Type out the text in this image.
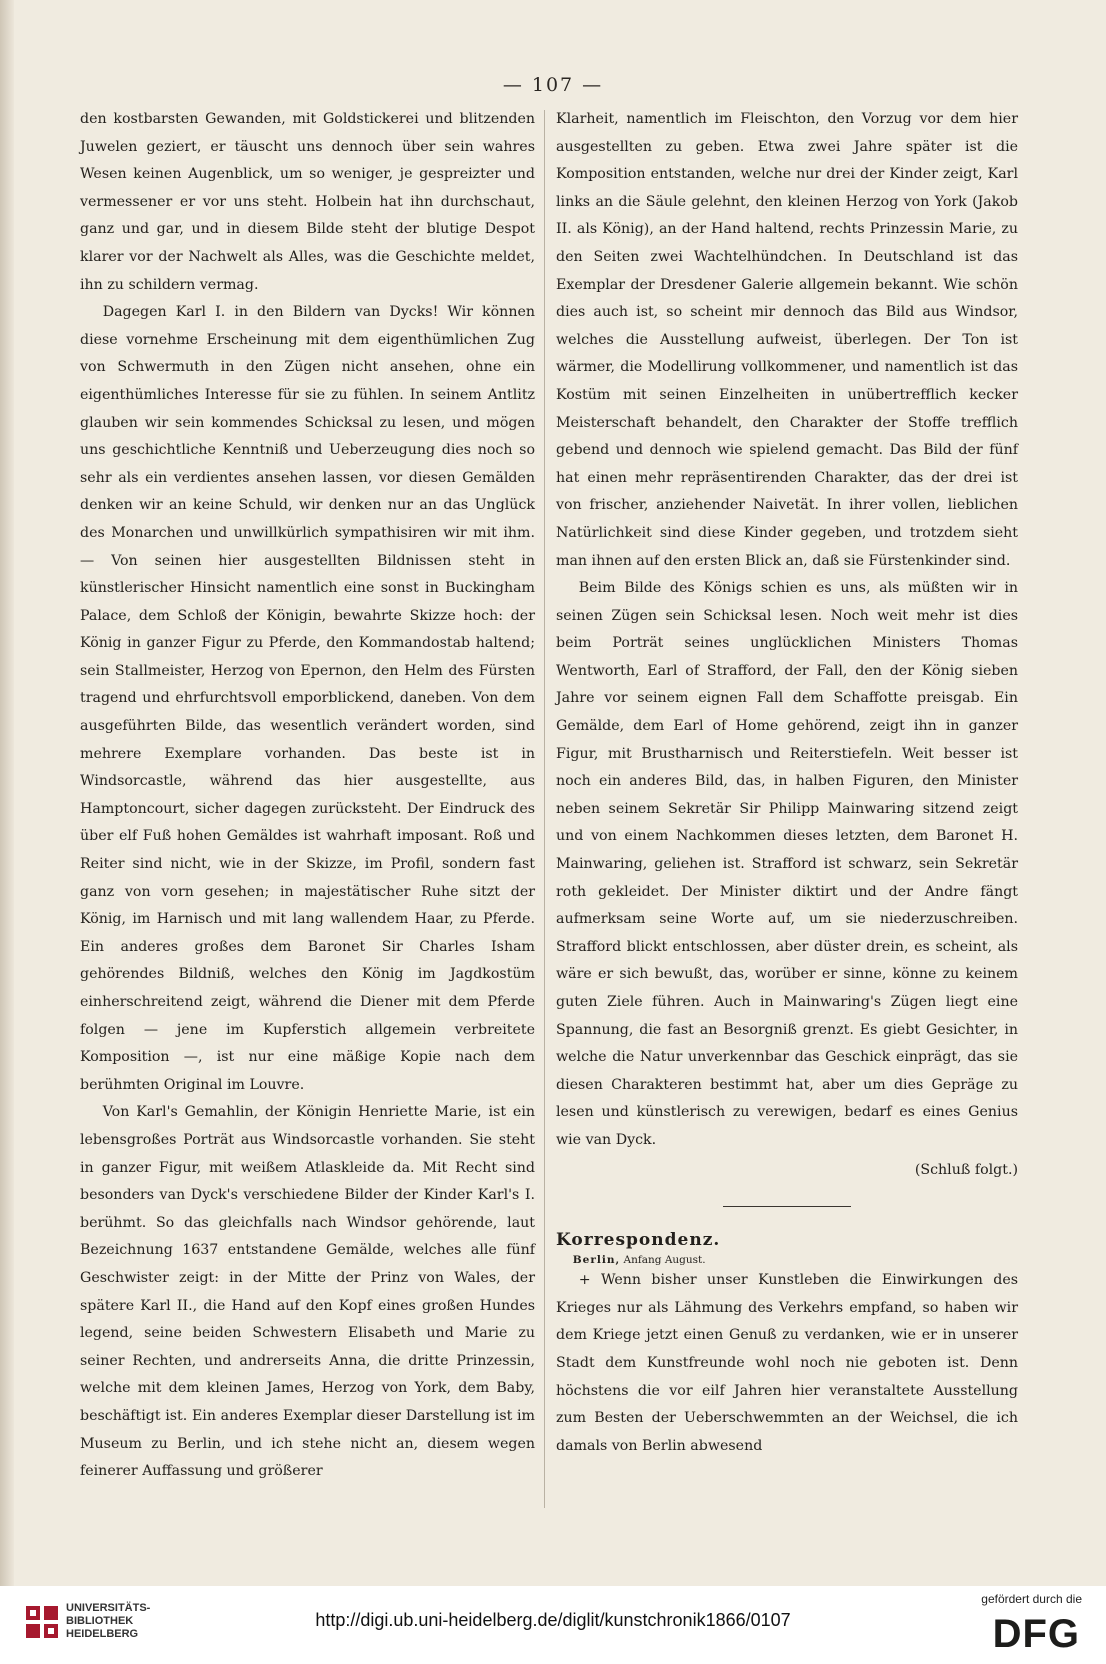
— 107 —

den kostbarsten Gewanden, mit Goldstickerei und blitzenden Juwelen geziert, er täuscht uns dennoch über sein wahres Wesen keinen Augenblick, um so weniger, je gespreizter und vermessener er vor uns steht. Holbein hat ihn durchschaut, ganz und gar, und in diesem Bilde steht der blutige Despot klarer vor der Nachwelt als Alles, was die Geschichte meldet, ihn zu schildern vermag.

Dagegen Karl I. in den Bildern van Dycks! Wir können diese vornehme Erscheinung mit dem eigenthümlichen Zug von Schwermuth in den Zügen nicht ansehen, ohne ein eigenthümliches Interesse für sie zu fühlen. In seinem Antlitz glauben wir sein kommendes Schicksal zu lesen, und mögen uns geschichtliche Kenntniß und Ueberzeugung dies noch so sehr als ein verdientes ansehen lassen, vor diesen Gemälden denken wir an keine Schuld, wir denken nur an das Unglück des Monarchen und unwillkürlich sympathisiren wir mit ihm. — Von seinen hier ausgestellten Bildnissen steht in künstlerischer Hinsicht namentlich eine sonst in Buckingham Palace, dem Schloß der Königin, bewahrte Skizze hoch: der König in ganzer Figur zu Pferde, den Kommandostab haltend; sein Stallmeister, Herzog von Epernon, den Helm des Fürsten tragend und ehrfurchtsvoll emporblickend, daneben. Von dem ausgeführten Bilde, das wesentlich verändert worden, sind mehrere Exemplare vorhanden. Das beste ist in Windsorcastle, während das hier ausgestellte, aus Hamptoncourt, sicher dagegen zurücksteht. Der Eindruck des über elf Fuß hohen Gemäldes ist wahrhaft imposant. Roß und Reiter sind nicht, wie in der Skizze, im Profil, sondern fast ganz von vorn gesehen; in majestätischer Ruhe sitzt der König, im Harnisch und mit lang wallendem Haar, zu Pferde. Ein anderes großes dem Baronet Sir Charles Isham gehörendes Bildniß, welches den König im Jagdkostüm einherschreitend zeigt, während die Diener mit dem Pferde folgen — jene im Kupferstich allgemein verbreitete Komposition —, ist nur eine mäßige Kopie nach dem berühmten Original im Louvre.

Von Karl's Gemahlin, der Königin Henriette Marie, ist ein lebensgroßes Porträt aus Windsorcastle vorhanden. Sie steht in ganzer Figur, mit weißem Atlaskleide da. Mit Recht sind besonders van Dyck's verschiedene Bilder der Kinder Karl's I. berühmt. So das gleichfalls nach Windsor gehörende, laut Bezeichnung 1637 entstandene Gemälde, welches alle fünf Geschwister zeigt: in der Mitte der Prinz von Wales, der spätere Karl II., die Hand auf den Kopf eines großen Hundes legend, seine beiden Schwestern Elisabeth und Marie zu seiner Rechten, und andrerseits Anna, die dritte Prinzessin, welche mit dem kleinen James, Herzog von York, dem Baby, beschäftigt ist. Ein anderes Exemplar dieser Darstellung ist im Museum zu Berlin, und ich stehe nicht an, diesem wegen feinerer Auffassung und größerer

Klarheit, namentlich im Fleischton, den Vorzug vor dem hier ausgestellten zu geben. Etwa zwei Jahre später ist die Komposition entstanden, welche nur drei der Kinder zeigt, Karl links an die Säule gelehnt, den kleinen Herzog von York (Jakob II. als König), an der Hand haltend, rechts Prinzessin Marie, zu den Seiten zwei Wachtelhündchen. In Deutschland ist das Exemplar der Dresdener Galerie allgemein bekannt. Wie schön dies auch ist, so scheint mir dennoch das Bild aus Windsor, welches die Ausstellung aufweist, überlegen. Der Ton ist wärmer, die Modellirung vollkommener, und namentlich ist das Kostüm mit seinen Einzelheiten in unübertrefflich kecker Meisterschaft behandelt, den Charakter der Stoffe trefflich gebend und dennoch wie spielend gemacht. Das Bild der fünf hat einen mehr repräsentirenden Charakter, das der drei ist von frischer, anziehender Naivetät. In ihrer vollen, lieblichen Natürlichkeit sind diese Kinder gegeben, und trotzdem sieht man ihnen auf den ersten Blick an, daß sie Fürstenkinder sind.

Beim Bilde des Königs schien es uns, als müßten wir in seinen Zügen sein Schicksal lesen. Noch weit mehr ist dies beim Porträt seines unglücklichen Ministers Thomas Wentworth, Earl of Strafford, der Fall, den der König sieben Jahre vor seinem eignen Fall dem Schaffotte preisgab. Ein Gemälde, dem Earl of Home gehörend, zeigt ihn in ganzer Figur, mit Brustharnisch und Reiterstiefeln. Weit besser ist noch ein anderes Bild, das, in halben Figuren, den Minister neben seinem Sekretär Sir Philipp Mainwaring sitzend zeigt und von einem Nachkommen dieses letzten, dem Baronet H. Mainwaring, geliehen ist. Strafford ist schwarz, sein Sekretär roth gekleidet. Der Minister diktirt und der Andre fängt aufmerksam seine Worte auf, um sie niederzuschreiben. Strafford blickt entschlossen, aber düster drein, es scheint, als wäre er sich bewußt, das, worüber er sinne, könne zu keinem guten Ziele führen. Auch in Mainwaring's Zügen liegt eine Spannung, die fast an Besorgniß grenzt. Es giebt Gesichter, in welche die Natur unverkennbar das Geschick einprägt, das sie diesen Charakteren bestimmt hat, aber um dies Gepräge zu lesen und künstlerisch zu verewigen, bedarf es eines Genius wie van Dyck.

(Schluß folgt.)

Korrespondenz.

Berlin, Anfang August.

+ Wenn bisher unser Kunstleben die Einwirkungen des Krieges nur als Lähmung des Verkehrs empfand, so haben wir dem Kriege jetzt einen Genuß zu verdanken, wie er in unserer Stadt dem Kunstfreunde wohl noch nie geboten ist. Denn höchstens die vor eilf Jahren hier veranstaltete Ausstellung zum Besten der Ueberschwemmten an der Weichsel, die ich damals von Berlin abwesend

UNIVERSITÄTS-
BIBLIOTHEK
HEIDELBERG
http://digi.ub.uni-heidelberg.de/diglit/kunstchronik1866/0107
gefördert durch die
DFG
